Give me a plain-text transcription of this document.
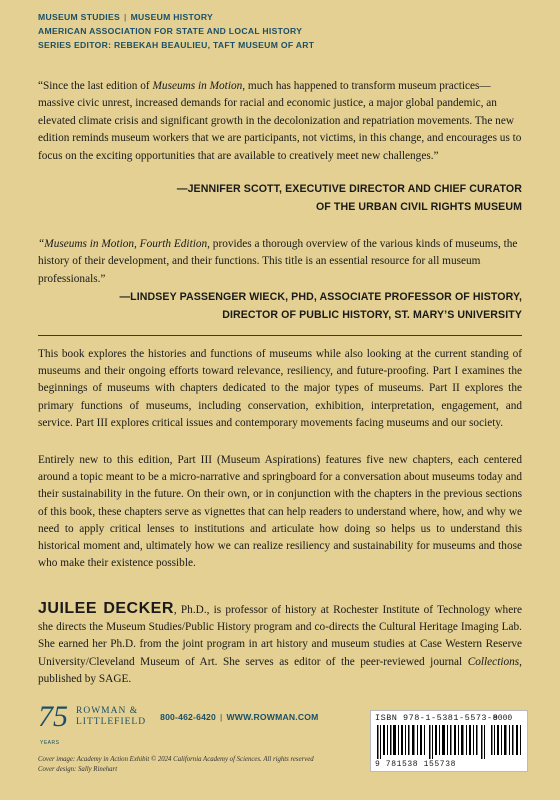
MUSEUM STUDIES | MUSEUM HISTORY
AMERICAN ASSOCIATION FOR STATE AND LOCAL HISTORY
SERIES EDITOR: REBEKAH BEAULIEU, TAFT MUSEUM OF ART
“Since the last edition of Museums in Motion, much has happened to transform museum practices—massive civic unrest, increased demands for racial and economic justice, a major global pandemic, an elevated climate crisis and significant growth in the decolonization and repatriation movements. The new edition reminds museum workers that we are participants, not victims, in this change, and encourages us to focus on the exciting opportunities that are available to creatively meet new challenges.”
—JENNIFER SCOTT, EXECUTIVE DIRECTOR AND CHIEF CURATOR
OF THE URBAN CIVIL RIGHTS MUSEUM
“Museums in Motion, Fourth Edition, provides a thorough overview of the various kinds of museums, the history of their development, and their functions. This title is an essential resource for all museum professionals.”
—LINDSEY PASSENGER WIECK, PHD, ASSOCIATE PROFESSOR OF HISTORY,
DIRECTOR OF PUBLIC HISTORY, ST. MARY’S UNIVERSITY
This book explores the histories and functions of museums while also looking at the current standing of museums and their ongoing efforts toward relevance, resiliency, and future-proofing. Part I examines the beginnings of museums with chapters dedicated to the major types of museums. Part II explores the primary functions of museums, including conservation, exhibition, interpretation, engagement, and service. Part III explores critical issues and contemporary movements facing museums and our society.
Entirely new to this edition, Part III (Museum Aspirations) features five new chapters, each centered around a topic meant to be a micro-narrative and springboard for a conversation about museums today and their sustainability in the future. On their own, or in conjunction with the chapters in the previous sections of this book, these chapters serve as vignettes that can help readers to understand where, how, and why we need to apply critical lenses to institutions and articulate how doing so helps us to understand this historical moment and, ultimately how we can realize resiliency and sustainability for museums and those who make their existence possible.
JUILEE DECKER, Ph.D., is professor of history at Rochester Institute of Technology where she directs the Museum Studies/Public History program and co-directs the Cultural Heritage Imaging Lab. She earned her Ph.D. from the joint program in art history and museum studies at Case Western Reserve University/Cleveland Museum of Art. She serves as editor of the peer-reviewed journal Collections, published by SAGE.
75
YEARS
ROWMAN &
LITTLEFIELD 800-462-6420 | WWW.ROWMAN.COM
Cover image: Academy in Action Exhibit © 2024 California Academy of Sciences. All rights reserved
Cover design: Sally Rinehart
ISBN 978-1-5381-5573-8
9000
9 781538 155738
